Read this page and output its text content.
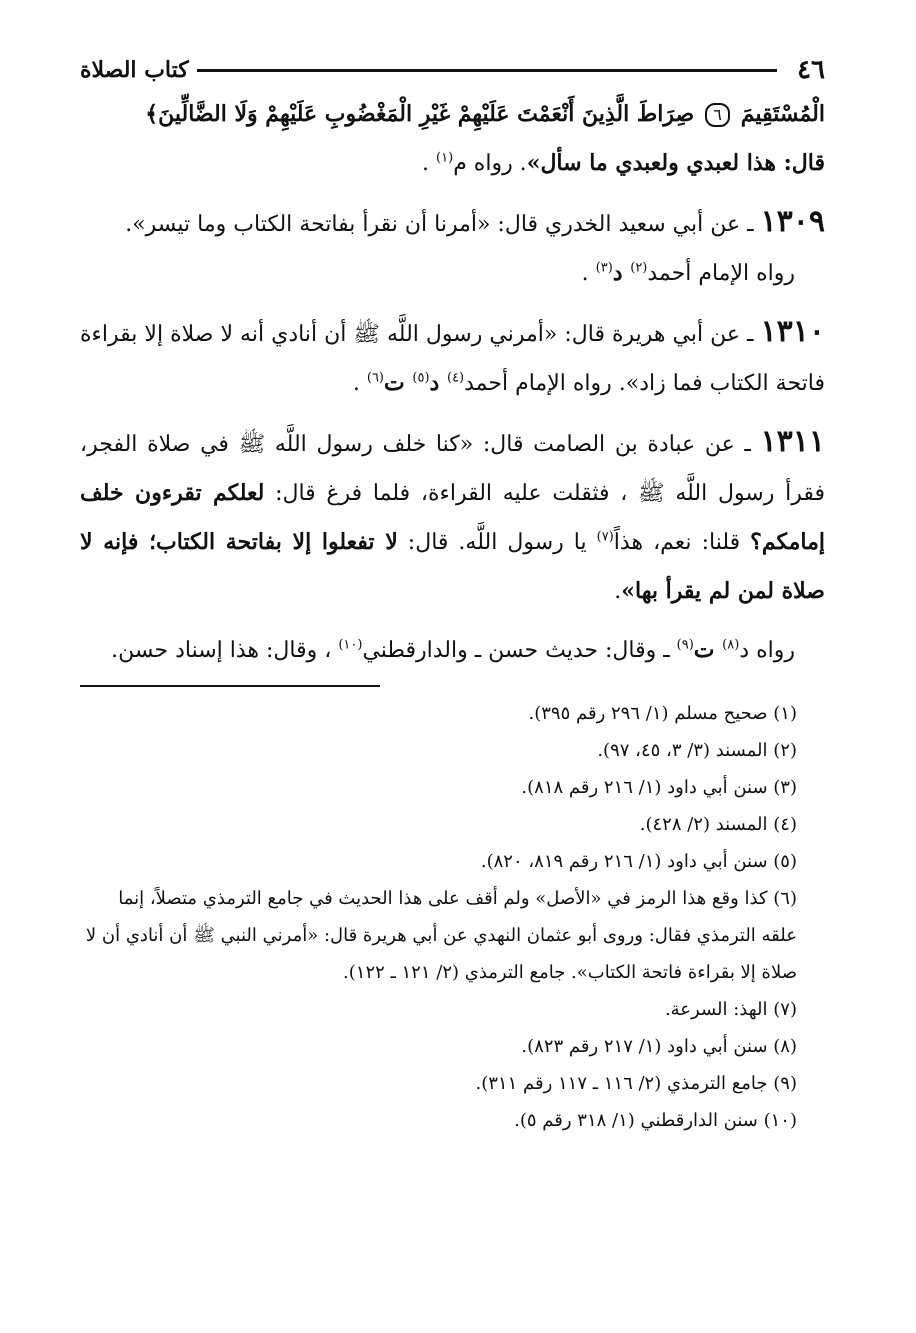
٤٦
كتاب الصلاة

الْمُسْتَقِيمَ ٦ صِرَاطَ الَّذِينَ أَنْعَمْتَ عَلَيْهِمْ غَيْرِ الْمَغْضُوبِ عَلَيْهِمْ وَلَا الضَّالِّينَ﴾
قال: هذا لعبدي ولعبدي ما سأل». رواه م$^{(١)}$ .

١٣٠٩ ـ عن أبي سعيد الخدري قال: «أمرنا أن نقرأ بفاتحة الكتاب وما تيسر».

رواه الإمام أحمد$^{(٢)}$ د$^{(٣)}$ .

١٣١٠ ـ عن أبي هريرة قال: «أمرني رسول اللَّه ﷺ أن أنادي أنه لا صلاة إلا بقراءة فاتحة الكتاب فما زاد». رواه الإمام أحمد$^{(٤)}$ د$^{(٥)}$ ت$^{(٦)}$ .

١٣١١ ـ عن عبادة بن الصامت قال: «كنا خلف رسول اللَّه ﷺ في صلاة الفجر، فقرأ رسول اللَّه ﷺ ، فثقلت عليه القراءة، فلما فرغ قال: لعلكم تقرءون خلف إمامكم؟ قلنا: نعم، هذاً$^{(٧)}$ يا رسول اللَّه. قال: لا تفعلوا إلا بفاتحة الكتاب؛ فإنه لا صلاة لمن لم يقرأ بها».

رواه د$^{(٨)}$ ت$^{(٩)}$ ـ وقال: حديث حسن ـ والدارقطني$^{(١٠)}$ ، وقال: هذا إسناد حسن.

(١) صحيح مسلم (١/ ٢٩٦ رقم ٣٩٥).

(٢) المسند (٣/ ٣، ٤٥، ٩٧).

(٣) سنن أبي داود (١/ ٢١٦ رقم ٨١٨).

(٤) المسند (٢/ ٤٢٨).

(٥) سنن أبي داود (١/ ٢١٦ رقم ٨١٩، ٨٢٠).

(٦) كذا وقع هذا الرمز في «الأصل» ولم أقف على هذا الحديث في جامع الترمذي متصلاً، إنما علقه الترمذي فقال: وروى أبو عثمان النهدي عن أبي هريرة قال: «أمرني النبي ﷺ أن أنادي أن لا صلاة إلا بقراءة فاتحة الكتاب». جامع الترمذي (٢/ ١٢١ ـ ١٢٢).

(٧) الهذ: السرعة.

(٨) سنن أبي داود (١/ ٢١٧ رقم ٨٢٣).

(٩) جامع الترمذي (٢/ ١١٦ ـ ١١٧ رقم ٣١١).

(١٠) سنن الدارقطني (١/ ٣١٨ رقم ٥).
